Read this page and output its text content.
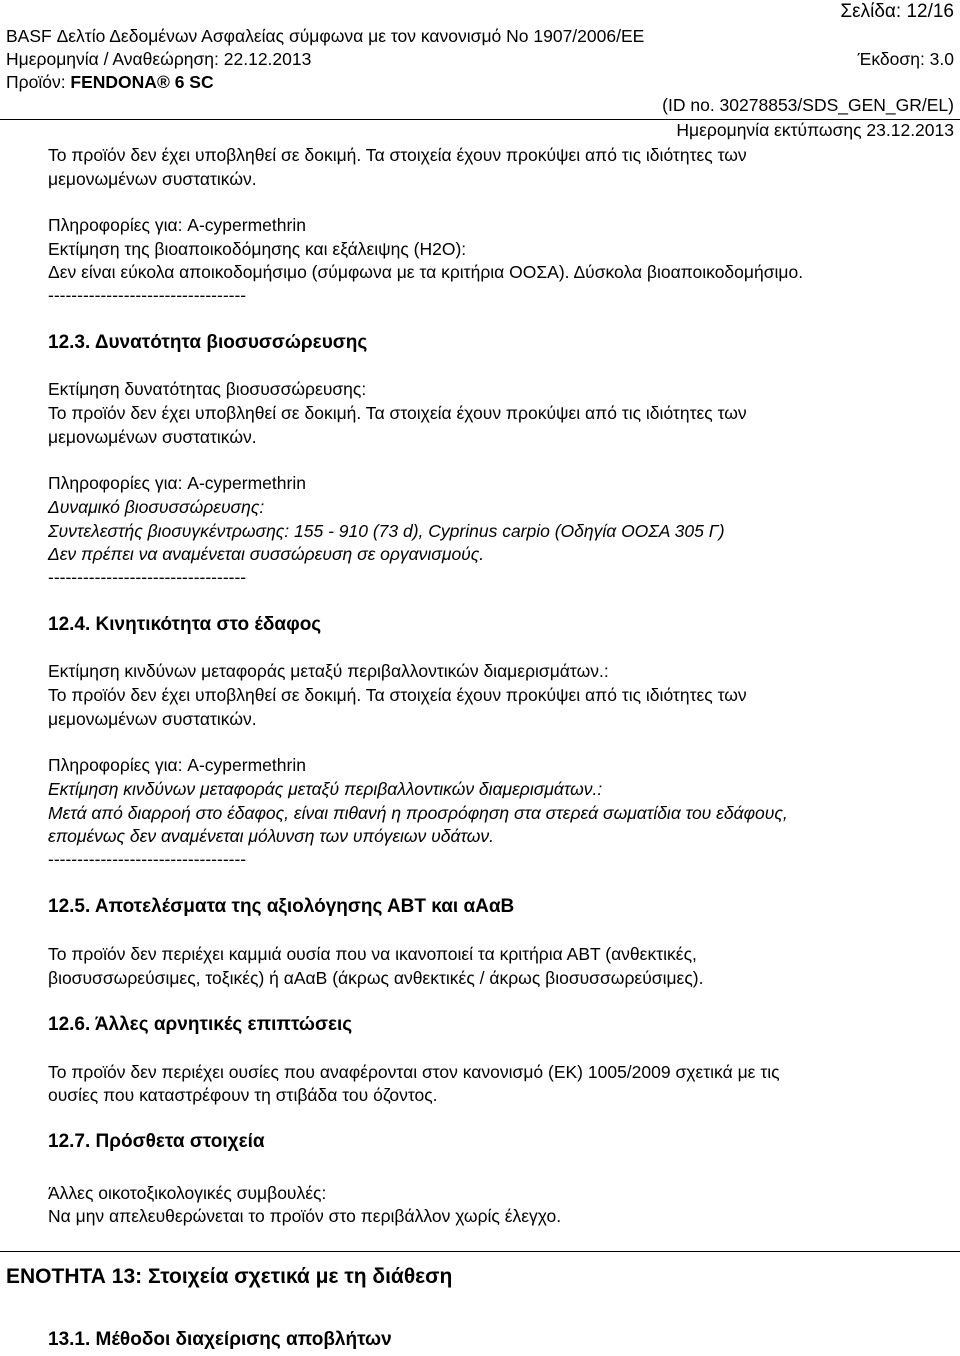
Σελίδα: 12/16
BASF Δελτίο Δεδομένων Ασφαλείας σύμφωνα με τον κανονισμό No 1907/2006/ΕΕ
Ημερομηνία / Αναθεώρηση: 22.12.2013	Έκδοση: 3.0
Προϊόν: FENDONA® 6 SC
(ID no. 30278853/SDS_GEN_GR/EL)
Ημερομηνία εκτύπωσης 23.12.2013
Το προϊόν δεν έχει υποβληθεί σε δοκιμή. Τα στοιχεία έχουν προκύψει από τις ιδιότητες των
μεμονωμένων συστατικών.
Πληροφορίες για: A-cypermethrin
Εκτίμηση της βιοαποικοδόμησης και εξάλειψης (H2O):
Δεν είναι εύκολα αποικοδομήσιμο (σύμφωνα με τα κριτήρια ΟΟΣΑ). Δύσκολα βιοαποικοδομήσιμο.
----------------------------------
12.3. Δυνατότητα βιοσυσσώρευσης
Εκτίμηση δυνατότητας βιοσυσσώρευσης:
Το προϊόν δεν έχει υποβληθεί σε δοκιμή. Τα στοιχεία έχουν προκύψει από τις ιδιότητες των
μεμονωμένων συστατικών.
Πληροφορίες για: A-cypermethrin
Δυναμικό βιοσυσσώρευσης:
Συντελεστής βιοσυγκέντρωσης: 155 - 910 (73 d), Cyprinus carpio (Οδηγία ΟΟΣΑ 305 Γ)
Δεν πρέπει να αναμένεται συσσώρευση σε οργανισμούς.
----------------------------------
12.4. Κινητικότητα στο έδαφος
Εκτίμηση κινδύνων μεταφοράς μεταξύ περιβαλλοντικών διαμερισμάτων.:
Το προϊόν δεν έχει υποβληθεί σε δοκιμή. Τα στοιχεία έχουν προκύψει από τις ιδιότητες των
μεμονωμένων συστατικών.
Πληροφορίες για: A-cypermethrin
Εκτίμηση κινδύνων μεταφοράς μεταξύ περιβαλλοντικών διαμερισμάτων.:
Μετά από διαρροή στο έδαφος, είναι πιθανή η προσρόφηση στα στερεά σωματίδια του εδάφους,
επομένως δεν αναμένεται μόλυνση των υπόγειων υδάτων.
----------------------------------
12.5. Αποτελέσματα της αξιολόγησης ΑΒΤ και αΑαΒ
Το προϊόν δεν περιέχει καμμιά ουσία που να ικανοποιεί τα κριτήρια ΑΒΤ (ανθεκτικές,
βιοσυσσωρεύσιμες, τοξικές) ή αΑαΒ (άκρως ανθεκτικές / άκρως βιοσυσσωρεύσιμες).
12.6. Άλλες αρνητικές επιπτώσεις
Το προϊόν δεν περιέχει ουσίες που αναφέρονται στον κανονισμό (ΕΚ) 1005/2009 σχετικά με τις
ουσίες που καταστρέφουν τη στιβάδα του όζοντος.
12.7. Πρόσθετα στοιχεία
Άλλες οικοτοξικολογικές συμβουλές:
Να μην απελευθερώνεται το προϊόν στο περιβάλλον χωρίς έλεγχο.
ΕΝΟΤΗΤΑ 13: Στοιχεία σχετικά με τη διάθεση
13.1. Μέθοδοι διαχείρισης αποβλήτων
